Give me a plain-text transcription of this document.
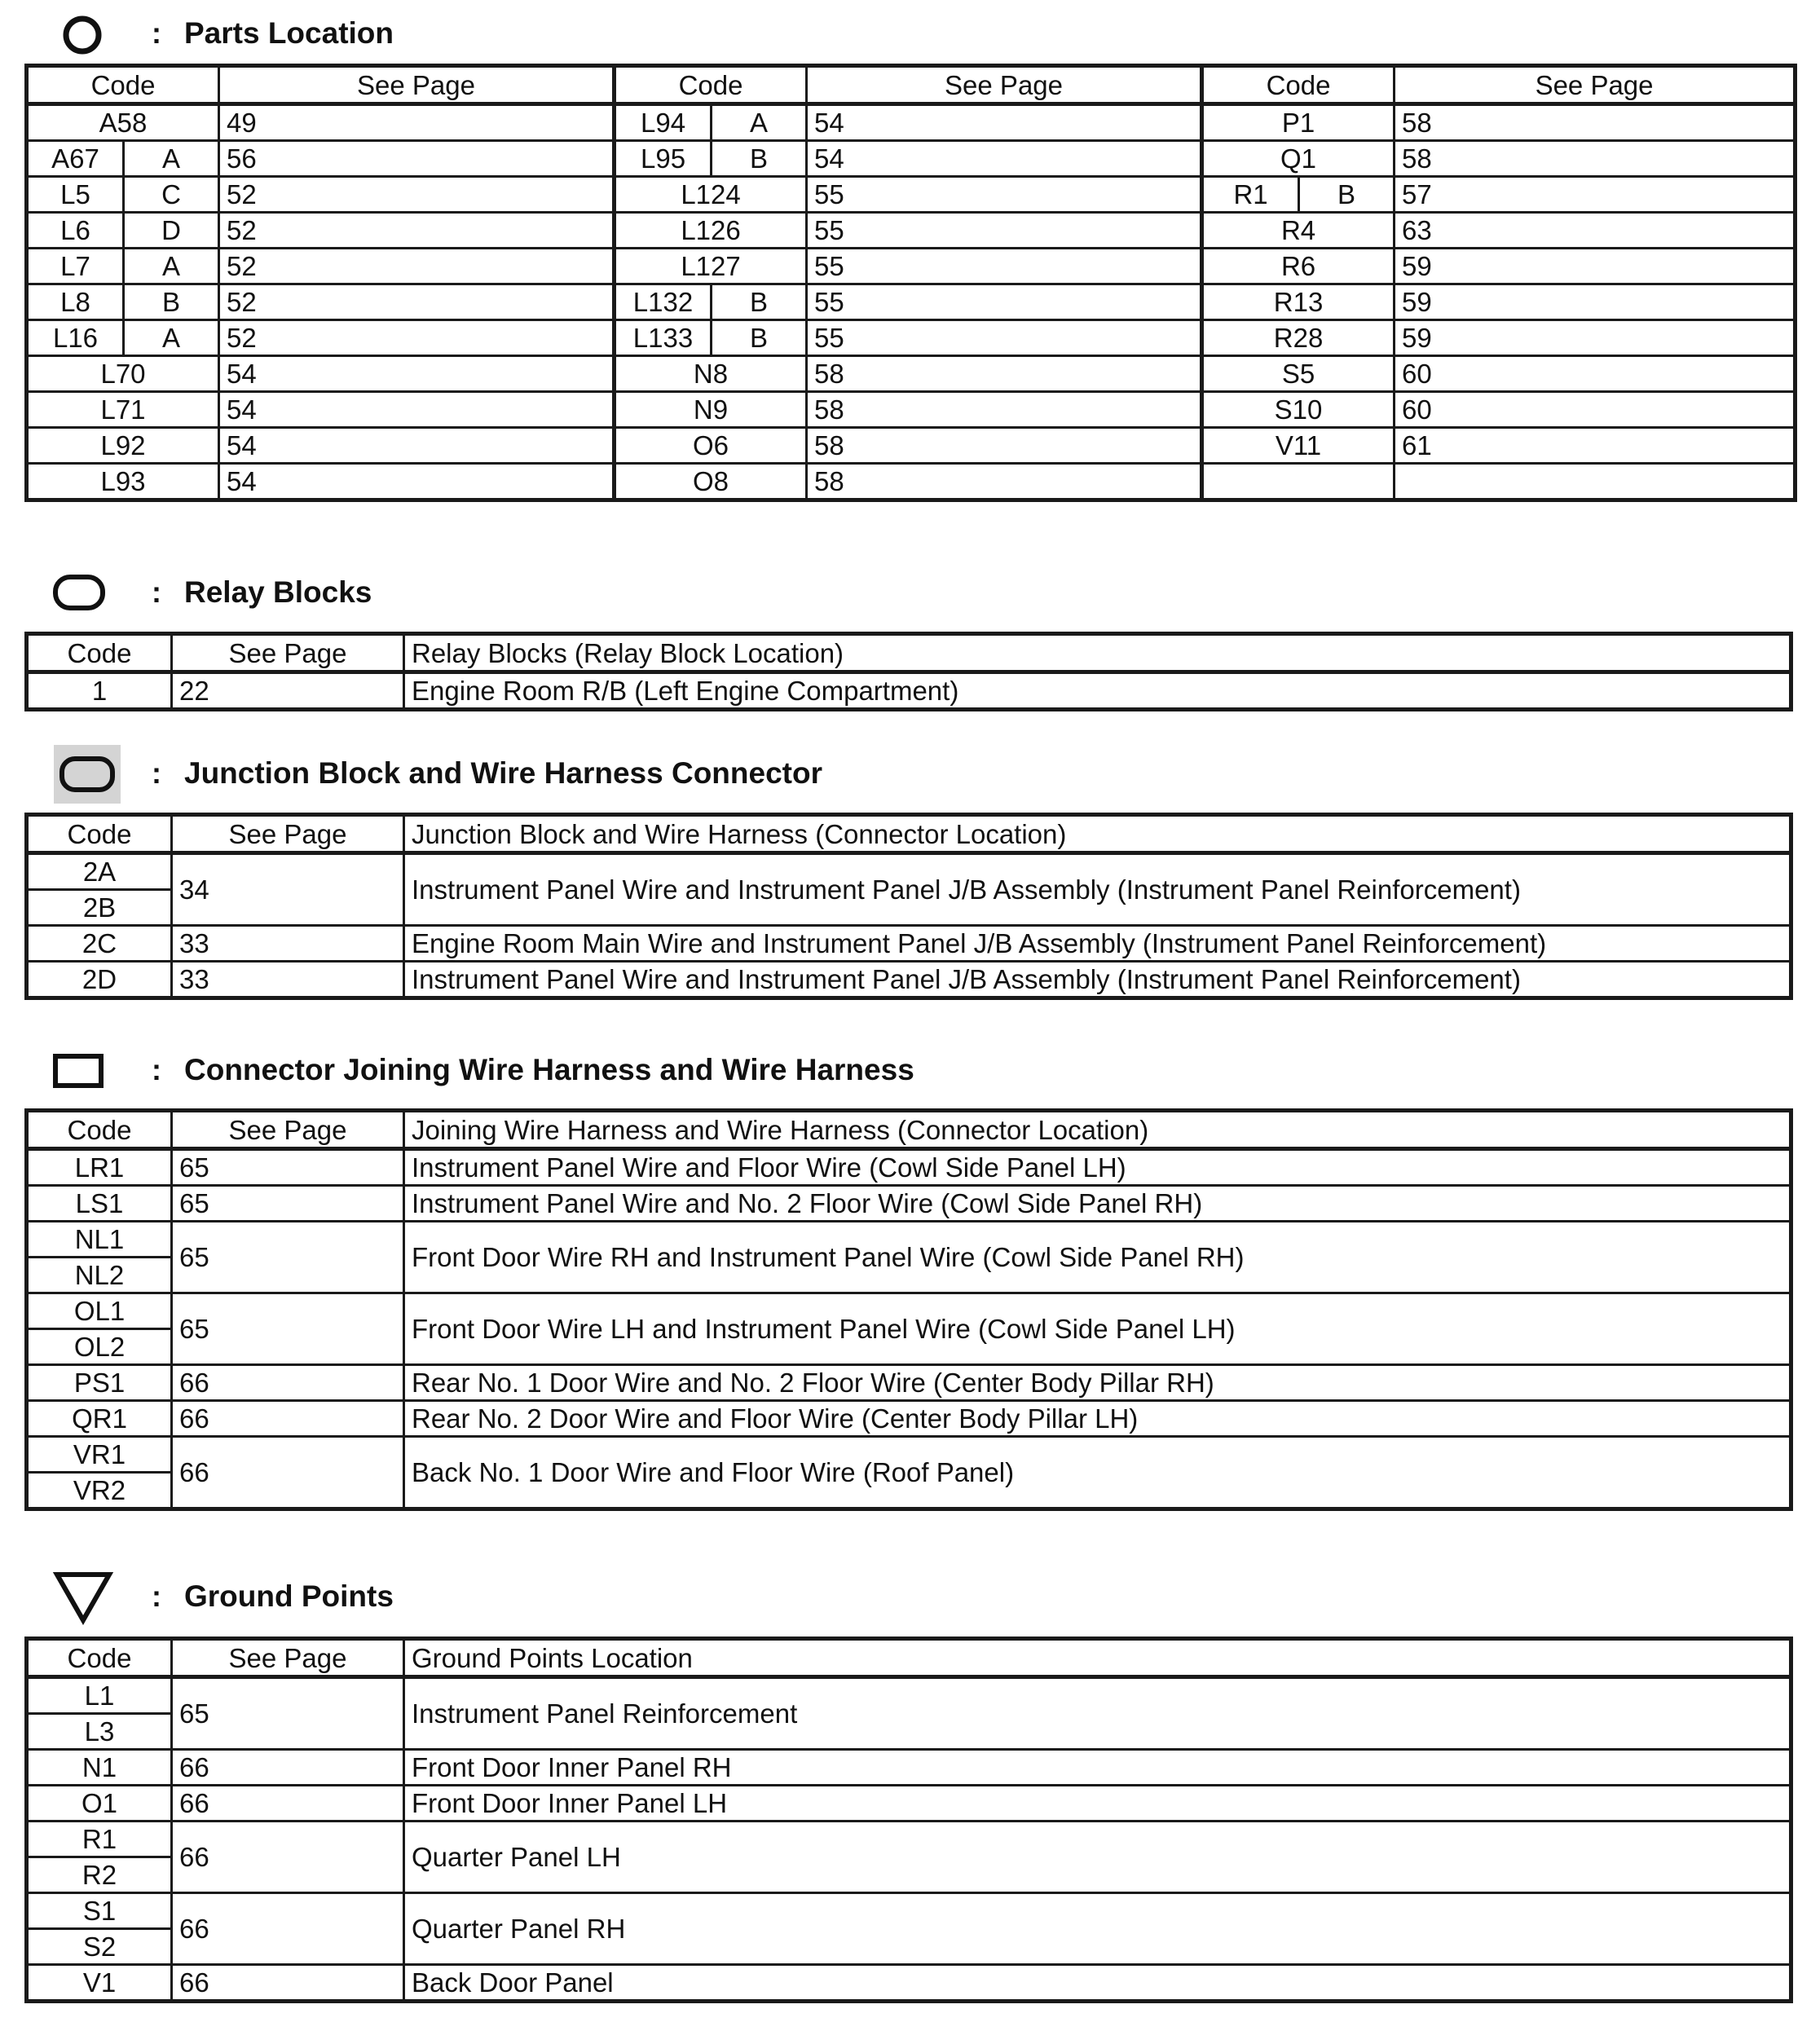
: Parts Location
Code		See Page	Code		See Page	Code		See Page
A58		49	L94	A	54	P1		58
A67	A	56	L95	B	54	Q1		58
L5	C	52	L124		55	R1	B	57
L6	D	52	L126		55	R4		63
L7	A	52	L127		55	R6		59
L8	B	52	L132	B	55	R13		59
L16	A	52	L133	B	55	R28		59
L70		54	N8		58	S5		60
L71		54	N9		58	S10		60
L92		54	O6		58	V11		61
L93		54	O8		58			
: Relay Blocks
Code	See Page	Relay Blocks (Relay Block Location)
1	22	Engine Room R/B (Left Engine Compartment)
: Junction Block and Wire Harness Connector
Code	See Page	Junction Block and Wire Harness (Connector Location)
2A	34	Instrument Panel Wire and Instrument Panel J/B Assembly (Instrument Panel Reinforcement)
2B		
2C	33	Engine Room Main Wire and Instrument Panel J/B Assembly (Instrument Panel Reinforcement)
2D	33	Instrument Panel Wire and Instrument Panel J/B Assembly (Instrument Panel Reinforcement)
: Connector Joining Wire Harness and Wire Harness
Code	See Page	Joining Wire Harness and Wire Harness (Connector Location)
LR1	65	Instrument Panel Wire and Floor Wire (Cowl Side Panel LH)
LS1	65	Instrument Panel Wire and No. 2 Floor Wire (Cowl Side Panel RH)
NL1	65	Front Door Wire RH and Instrument Panel Wire (Cowl Side Panel RH)
NL2		
OL1	65	Front Door Wire LH and Instrument Panel Wire (Cowl Side Panel LH)
OL2		
PS1	66	Rear No. 1 Door Wire and No. 2 Floor Wire (Center Body Pillar RH)
QR1	66	Rear No. 2 Door Wire and Floor Wire (Center Body Pillar LH)
VR1	66	Back No. 1 Door Wire and Floor Wire (Roof Panel)
VR2		
: Ground Points
Code	See Page	Ground Points Location
L1	65	Instrument Panel Reinforcement
L3		
N1	66	Front Door Inner Panel RH
O1	66	Front Door Inner Panel LH
R1	66	Quarter Panel LH
R2		
S1	66	Quarter Panel RH
S2		
V1	66	Back Door Panel
